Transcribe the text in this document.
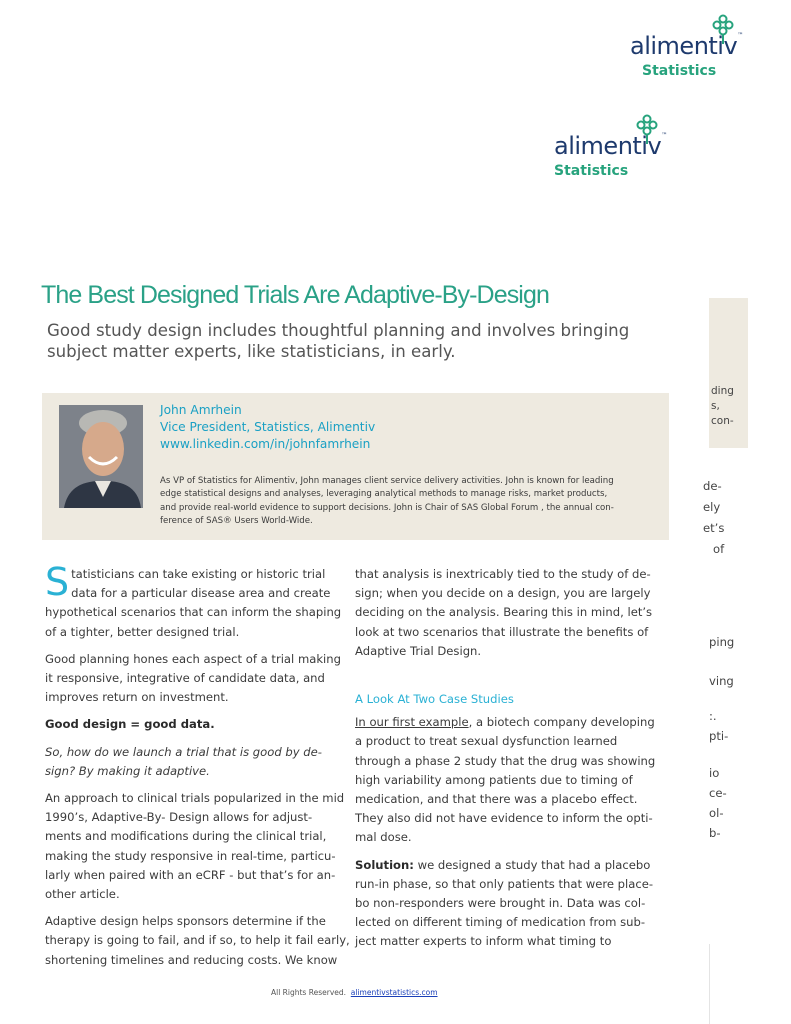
alimentiv™
Statistics
alimentiv™
Statistics
The Best Designed Trials Are Adaptive-By-Design
Good study design includes thoughtful planning and involves bringing
subject matter experts, like statisticians, in early.
John Amrhein
Vice President, Statistics, Alimentiv
www.linkedin.com/in/johnfamrhein
As VP of Statistics for Alimentiv, John manages client service delivery activities. John is known for leading
edge statistical designs and analyses, leveraging analytical methods to manage risks, market products,
and provide real-world evidence to support decisions. John is Chair of SAS Global Forum , the annual con-
ference of SAS® Users World-Wide.
ding
s,
con-
de-
ely
et’s
of
ping
ving
:.
pti-
io
ce-
ol-
b-
S tatisticians can take existing or historic trial
data for a particular disease area and create
hypothetical scenarios that can inform the shaping
of a tighter, better designed trial.
Good planning hones each aspect of a trial making
it responsive, integrative of candidate data, and
improves return on investment.
Good design = good data.
So, how do we launch a trial that is good by de-
sign? By making it adaptive.
An approach to clinical trials popularized in the mid
1990’s, Adaptive-By- Design allows for adjust-
ments and modifications during the clinical trial,
making the study responsive in real-time, particu-
larly when paired with an eCRF - but that’s for an-
other article.
Adaptive design helps sponsors determine if the
therapy is going to fail, and if so, to help it fail early,
shortening timelines and reducing costs. We know
that analysis is inextricably tied to the study of de-
sign; when you decide on a design, you are largely
deciding on the analysis. Bearing this in mind, let’s
look at two scenarios that illustrate the benefits of
Adaptive Trial Design.
A Look At Two Case Studies
In our first example, a biotech company developing
a product to treat sexual dysfunction learned
through a phase 2 study that the drug was showing
high variability among patients due to timing of
medication, and that there was a placebo effect.
They also did not have evidence to inform the opti-
mal dose.
Solution: we designed a study that had a placebo
run-in phase, so that only patients that were place-
bo non-responders were brought in. Data was col-
lected on different timing of medication from sub-
ject matter experts to inform what timing to
All Rights Reserved. alimentivstatistics.com
